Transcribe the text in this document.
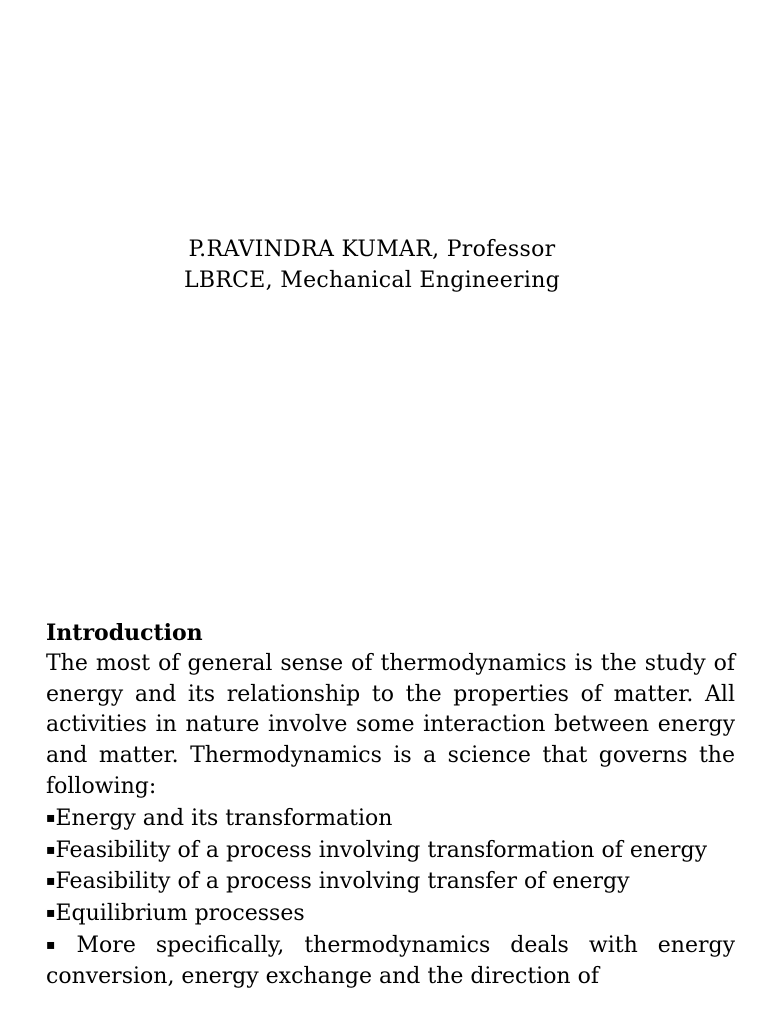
P.RAVINDRA KUMAR, Professor
LBRCE, Mechanical Engineering
Introduction

The most of general sense of thermodynamics is the study of energy and its relationship to the properties of matter. All activities in nature involve some interaction between energy and matter. Thermodynamics is a science that governs the following:

▪Energy and its transformation

▪Feasibility of a process involving transformation of energy

▪Feasibility of a process involving transfer of energy

▪Equilibrium processes

▪ More specifically, thermodynamics deals with energy conversion, energy exchange and the direction of
